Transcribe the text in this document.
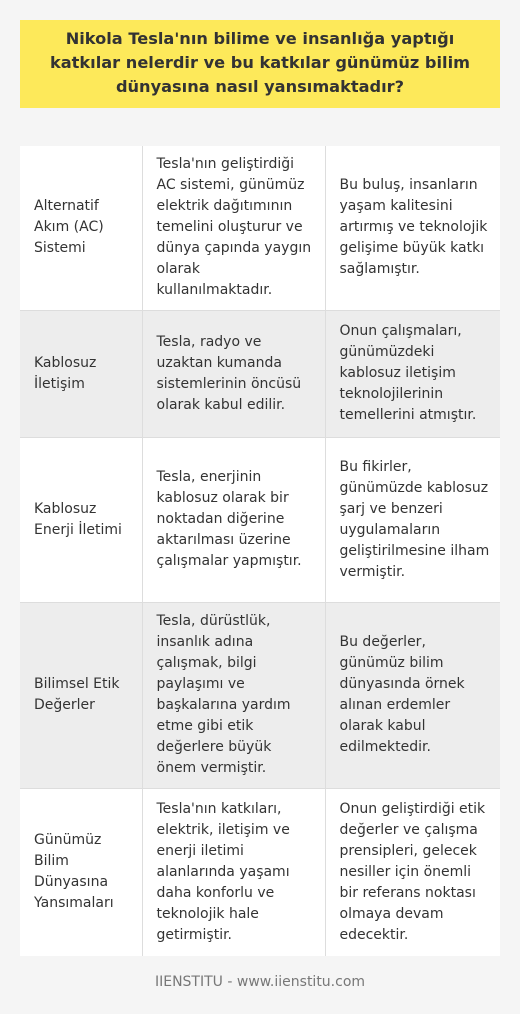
Nikola Tesla'nın bilime ve insanlığa yaptığı katkılar nelerdir ve bu katkılar günümüz bilim dünyasına nasıl yansımaktadır?
Alternatif Akım (AC) Sistemi	Tesla'nın geliştirdiği AC sistemi, günümüz elektrik dağıtımının temelini oluşturur ve dünya çapında yaygın olarak kullanılmaktadır.	Bu buluş, insanların yaşam kalitesini artırmış ve teknolojik gelişime büyük katkı sağlamıştır.

Kablosuz İletişim	Tesla, radyo ve uzaktan kumanda sistemlerinin öncüsü olarak kabul edilir.	Onun çalışmaları, günümüzdeki kablosuz iletişim teknolojilerinin temellerini atmıştır.

Kablosuz Enerji İletimi	Tesla, enerjinin kablosuz olarak bir noktadan diğerine aktarılması üzerine çalışmalar yapmıştır.	Bu fikirler, günümüzde kablosuz şarj ve benzeri uygulamaların geliştirilmesine ilham vermiştir.

Bilimsel Etik Değerler	Tesla, dürüstlük, insanlık adına çalışmak, bilgi paylaşımı ve başkalarına yardım etme gibi etik değerlere büyük önem vermiştir.	Bu değerler, günümüz bilim dünyasında örnek alınan erdemler olarak kabul edilmektedir.

Günümüz Bilim Dünyasına Yansımaları	Tesla'nın katkıları, elektrik, iletişim ve enerji iletimi alanlarında yaşamı daha konforlu ve teknolojik hale getirmiştir.	Onun geliştirdiği etik değerler ve çalışma prensipleri, gelecek nesiller için önemli bir referans noktası olmaya devam edecektir.
IIENSTITU - www.iienstitu.com
